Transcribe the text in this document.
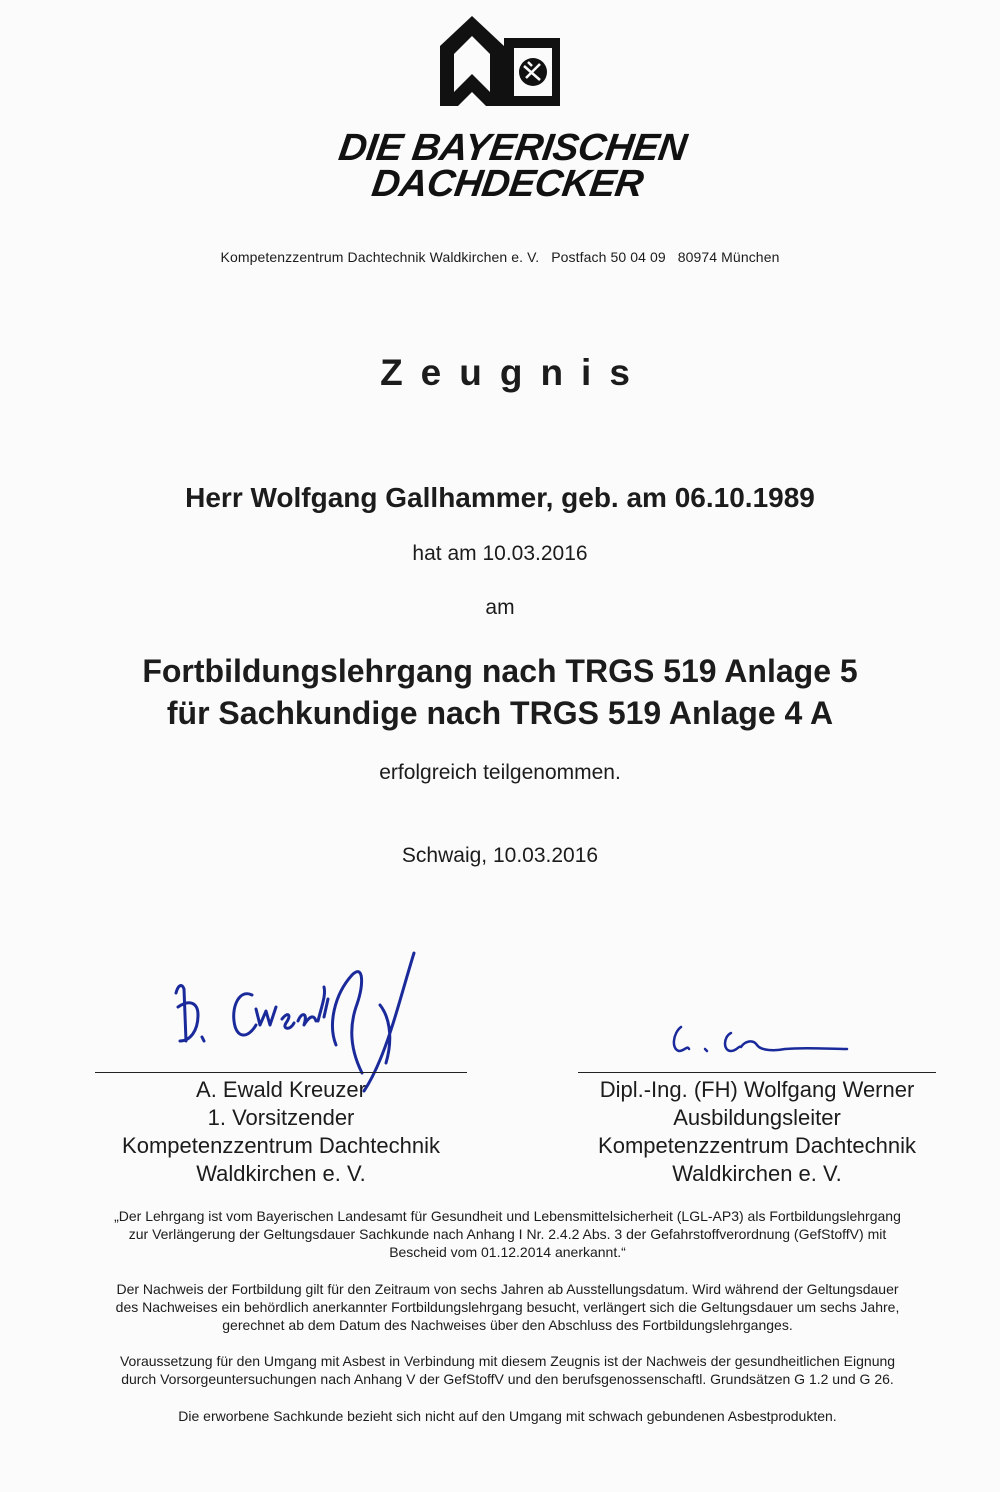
DIE BAYERISCHEN
DACHDECKER
Kompetenzzentrum Dachtechnik Waldkirchen e. V.   Postfach 50 04 09   80974 München
Zeugnis
Herr Wolfgang Gallhammer, geb. am 06.10.1989
hat am 10.03.2016
am
Fortbildungslehrgang nach TRGS 519 Anlage 5
für Sachkundige nach TRGS 519 Anlage 4 A
erfolgreich teilgenommen.
Schwaig, 10.03.2016
A. Ewald Kreuzer
1. Vorsitzender
Kompetenzzentrum Dachtechnik
Waldkirchen e. V.
Dipl.-Ing. (FH) Wolfgang Werner
Ausbildungsleiter
Kompetenzzentrum Dachtechnik
Waldkirchen e. V.
„Der Lehrgang ist vom Bayerischen Landesamt für Gesundheit und Lebensmittelsicherheit (LGL-AP3) als Fortbildungslehrgang
zur Verlängerung der Geltungsdauer Sachkunde nach Anhang I Nr. 2.4.2 Abs. 3 der Gefahrstoffverordnung (GefStoffV) mit
Bescheid vom 01.12.2014 anerkannt.“
Der Nachweis der Fortbildung gilt für den Zeitraum von sechs Jahren ab Ausstellungsdatum. Wird während der Geltungsdauer
des Nachweises ein behördlich anerkannter Fortbildungslehrgang besucht, verlängert sich die Geltungsdauer um sechs Jahre,
gerechnet ab dem Datum des Nachweises über den Abschluss des Fortbildungslehrganges.
Voraussetzung für den Umgang mit Asbest in Verbindung mit diesem Zeugnis ist der Nachweis der gesundheitlichen Eignung
durch Vorsorgeuntersuchungen nach Anhang V der GefStoffV und den berufsgenossenschaftl. Grundsätzen G 1.2 und G 26.
Die erworbene Sachkunde bezieht sich nicht auf den Umgang mit schwach gebundenen Asbestprodukten.
